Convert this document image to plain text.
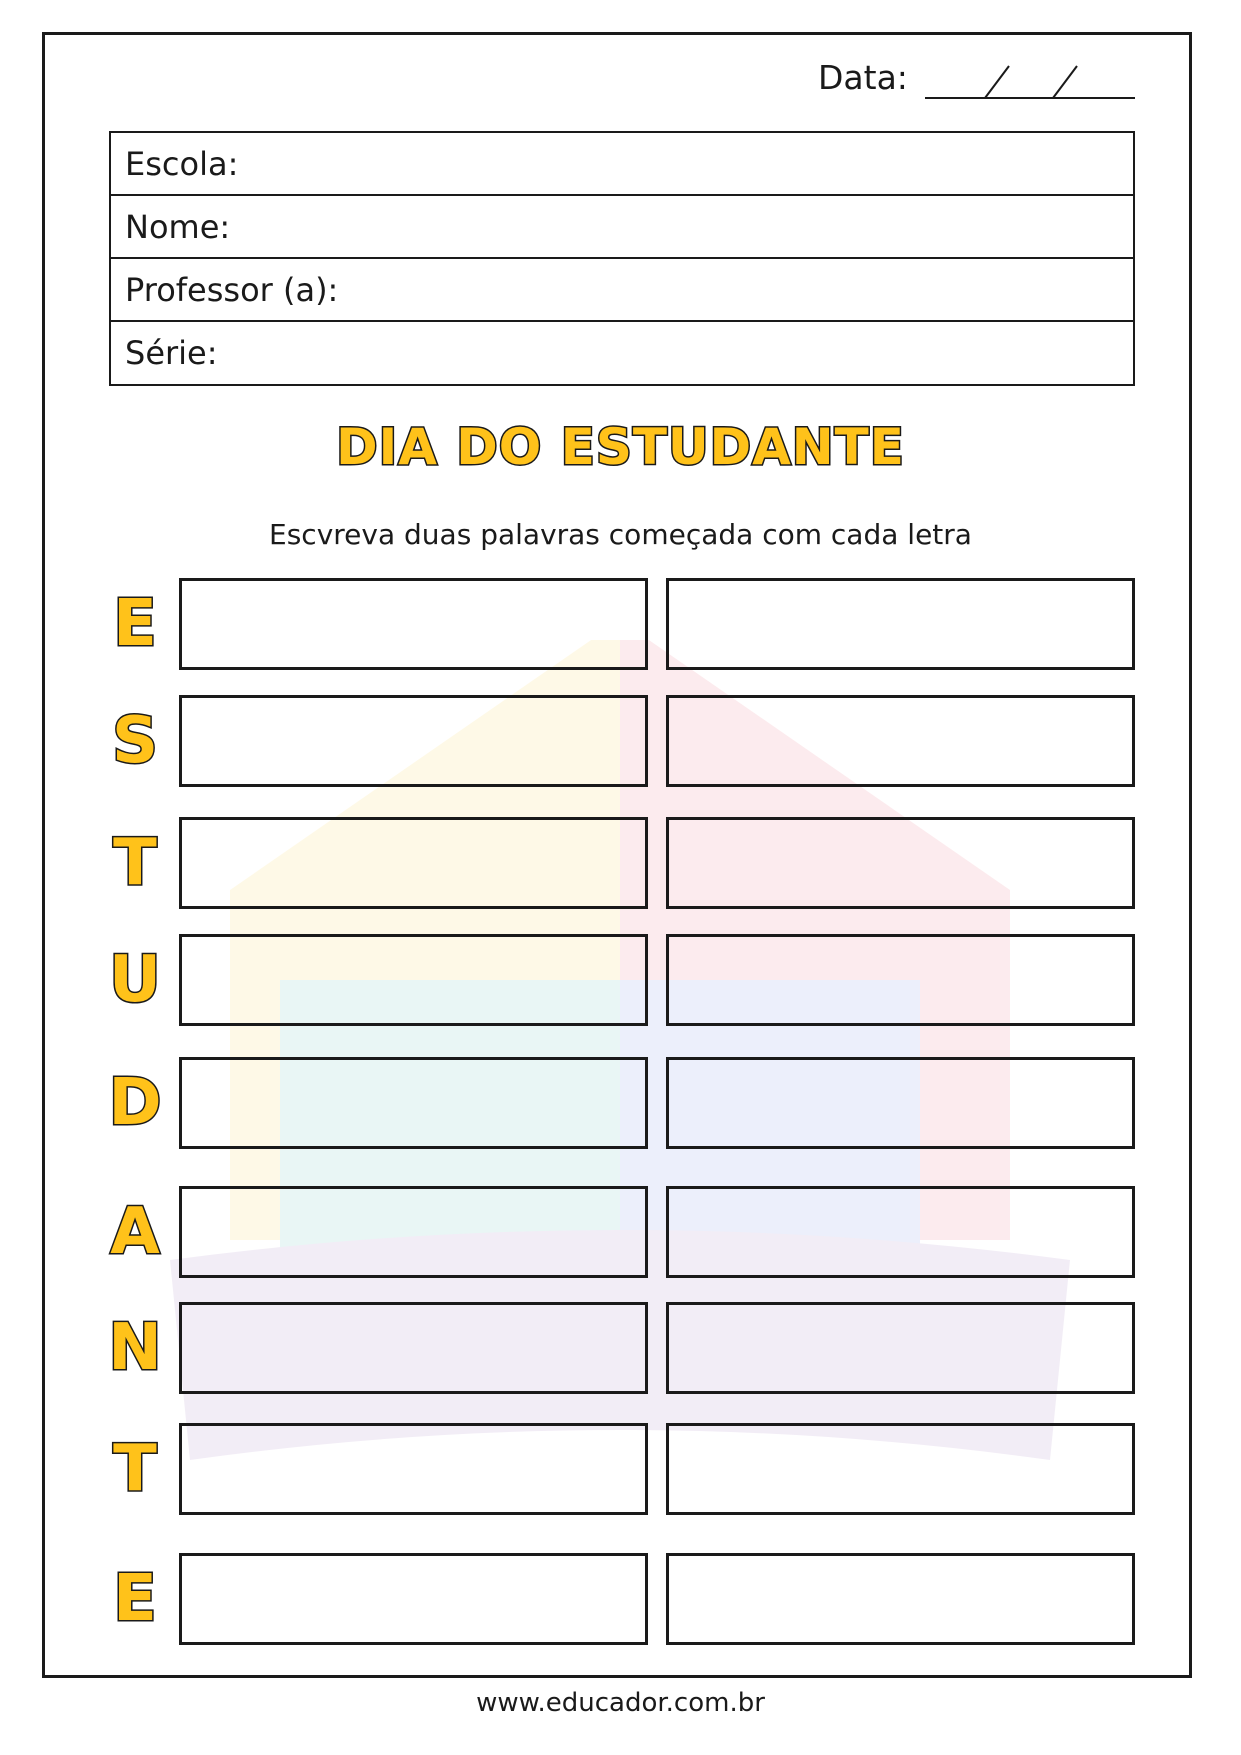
Data:
Escola:
Nome:
Professor (a):
Série:
DIA DO ESTUDANTE
Escvreva duas palavras começada com cada letra
E
S
T
U
D
A
N
T
E
www.educador.com.br
